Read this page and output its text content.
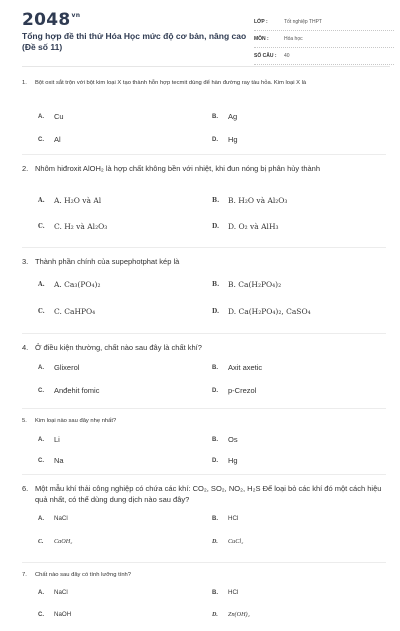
$2048^{vn}$
Tổng hợp đề thi thử Hóa Học mức độ cơ bản, nâng cao (Đề số 11)
LỚP :	Tốt nghiệp THPT
MÔN :	Hóa học
SỐ CÂU : 40
1.	Bột oxit sắt trộn với bột kim loại X tạo thành hỗn hợp tecmit dùng để hàn đường ray tàu hỏa. Kim loại X là
A.	Cu	B.	Ag
C.	Al	D.	Hg
2. Nhôm hiđroxit AlOH₂ là hợp chất không bền với nhiệt, khi đun nóng bị phân hủy thành
A.	A. H₂O và Al	B.	B. H₂O và Al₂O₃
C.	C. H₂ và Al₂O₃	D.	D. O₂ và AlH₃
3. Thành phần chính của supephotphat kép là
A.	A. Ca₃(PO₄)₂	B.	B. Ca(H₂PO₄)₂
C.	C. CaHPO₄	D.	D. Ca(H₂PO₄)₂, CaSO₄
4. Ở điều kiện thường, chất nào sau đây là chất khí?
A.	Glixerol	B.	Axit axetic
C.	Anđehit fomic	D.	p-Crezol
5.	Kim loại nào sau đây nhẹ nhất?
A.	Li	B.	Os
C.	Na	D.	Hg
6. Một mẫu khí thải công nghiệp có chứa các khí: CO₂, SO₂, NO₂, H₂S Để loại bỏ các khí đó một cách hiệu quả nhất, có thể dùng dung dịch nào sau đây?
A.	NaCl	B.	HCl
C.	CaOH₂	D.	CuCl₂
7.	Chất nào sau đây có tính lưỡng tính?
A.	NaCl	B.	HCl
C.	NaOH	D.	Zn(OH)₂
